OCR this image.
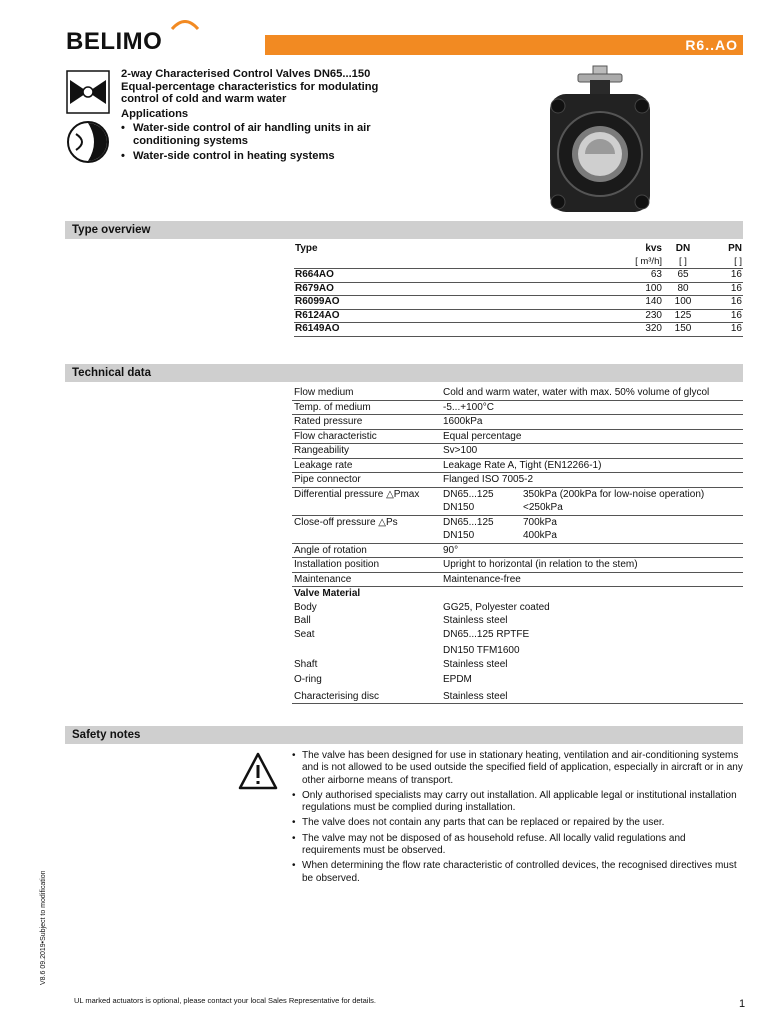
BELIMO	R6..AO
2-way Characterised Control Valves DN65...150
Equal-percentage characteristics for modulating
control of cold and warm water
Applications
• Water-side control of air handling units in air conditioning systems
• Water-side control in heating systems
Type overview
Type	kvs	DN	PN
	[ m³/h]	[ ]	[ ]
R664AO	63	65	16
R679AO	100	80	16
R6099AO	140	100	16
R6124AO	230	125	16
R6149AO	320	150	16
Technical data
Flow medium	Cold and warm water, water with max. 50% volume of glycol
Temp. of medium	-5...+100°C
Rated pressure	1600kPa
Flow characteristic	Equal percentage
Rangeability	Sv>100
Leakage rate	Leakage Rate A, Tight (EN12266-1)
Pipe connector	Flanged ISO 7005-2
Differential pressure △Pmax	DN65...125 350kPa (200kPa for low-noise operation)
DN150 <250kPa

Close-off pressure △Ps	DN65...125 700kPa
DN150 400kPa

Angle of rotation	90°
Installation position	Upright to horizontal (in relation to the stem)
Maintenance	Maintenance-free
Valve Material	
Body	GG25, Polyester coated
Ball	Stainless steel
Seat	DN65...125 RPTFE
DN150 TFM1600

Shaft	Stainless steel
O-ring	EPDM
Characterising disc	Stainless steel
Safety notes
• The valve has been designed for use in stationary heating, ventilation and air-conditioning systems and is not allowed to be used outside the specified field of application, especially in aircraft or in any other airborne means of transport.
• Only authorised specialists may carry out installation. All applicable legal or institutional installation regulations must be complied during installation.
• The valve does not contain any parts that can be replaced or repaired by the user.
• The valve may not be disposed of as household refuse. All locally valid regulations and requirements must be observed.
• When determining the flow rate characteristic of controlled devices, the recognised directives must be observed.
V8.6 09.2019•Subject to modification
UL marked actuators is optional, please contact your local Sales Representative for details.	1
